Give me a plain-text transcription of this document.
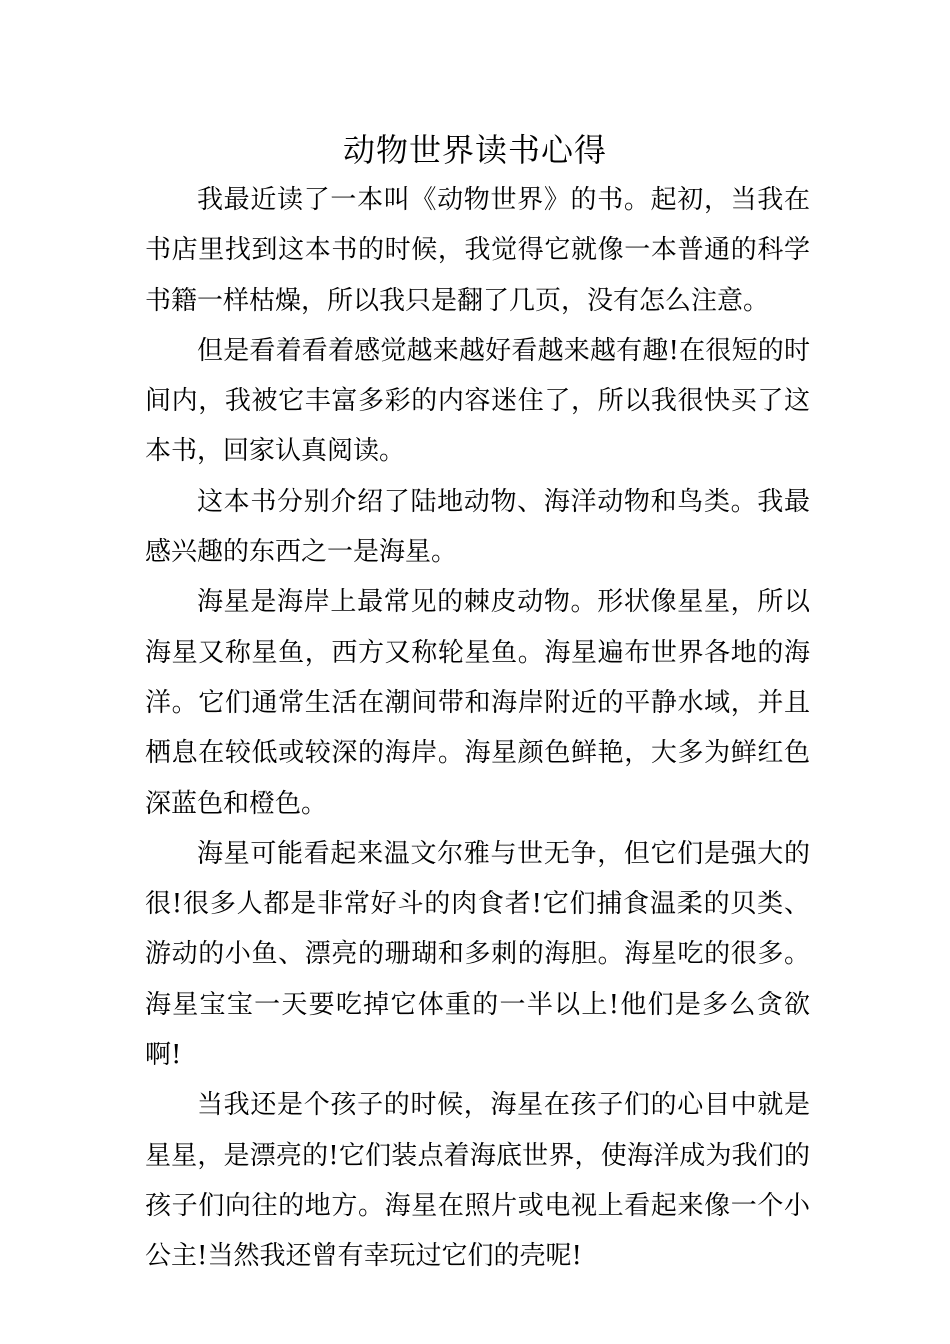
动物世界读书心得

我最近读了一本叫《动物世界》的书。起初，当我在书店里找到这本书的时候，我觉得它就像一本普通的科学书籍一样枯燥，所以我只是翻了几页，没有怎么注意。

但是看着看着感觉越来越好看越来越有趣!在很短的时间内，我被它丰富多彩的内容迷住了，所以我很快买了这本书，回家认真阅读。

这本书分别介绍了陆地动物、海洋动物和鸟类。我最感兴趣的东西之一是海星。

海星是海岸上最常见的棘皮动物。形状像星星，所以海星又称星鱼，西方又称轮星鱼。海星遍布世界各地的海洋。它们通常生活在潮间带和海岸附近的平静水域，并且栖息在较低或较深的海岸。海星颜色鲜艳，大多为鲜红色深蓝色和橙色。

海星可能看起来温文尔雅与世无争，但它们是强大的很!很多人都是非常好斗的肉食者!它们捕食温柔的贝类、游动的小鱼、漂亮的珊瑚和多刺的海胆。海星吃的很多。海星宝宝一天要吃掉它体重的一半以上!他们是多么贪欲啊!

当我还是个孩子的时候，海星在孩子们的心目中就是星星，是漂亮的!它们装点着海底世界，使海洋成为我们的孩子们向往的地方。海星在照片或电视上看起来像一个小公主!当然我还曾有幸玩过它们的壳呢!
